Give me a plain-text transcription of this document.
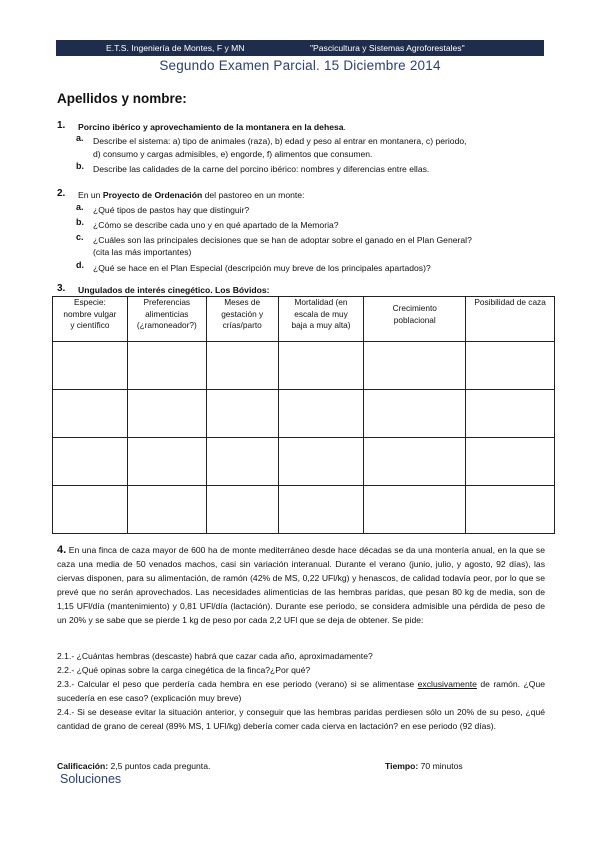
E.T.S. Ingeniería de Montes, F y MN	"Pascicultura y Sistemas Agroforestales"
Segundo Examen Parcial. 15 Diciembre 2014
Apellidos y nombre:
1. Porcino ibérico y aprovechamiento de la montanera en la dehesa.
a. Describe el sistema: a) tipo de animales (raza), b) edad y peso al entrar en montanera, c) periodo,
d) consumo y cargas admisibles, e) engorde, f) alimentos que consumen.
b. Describe las calidades de la carne del porcino ibérico: nombres y diferencias entre ellas.
2. En un Proyecto de Ordenación del pastoreo en un monte:
a. ¿Qué tipos de pastos hay que distinguir?
b. ¿Cómo se describe cada uno y en qué apartado de la Memoria?
c. ¿Cuáles son las principales decisiones que se han de adoptar sobre el ganado en el Plan General?
(cita las más importantes)
d. ¿Qué se hace en el Plan Especial (descripción muy breve de los principales apartados)?
3. Ungulados de interés cinegético. Los Bóvidos:
Especie:
nombre vulgar
y científico	Preferencias
alimenticias
(¿ramoneador?)	Meses de
gestación y
crías/parto	Mortalidad (en
escala de muy
baja a muy alta)	Crecimiento
poblacional	Posibilidad de caza

4. En una finca de caza mayor de 600 ha de monte mediterráneo desde hace décadas se da una montería anual, en la que se caza una media de 50 venados machos, casi sin variación interanual. Durante el verano (junio, julio, y agosto, 92 días), las ciervas disponen, para su alimentación, de ramón (42% de MS, 0,22 UFl/kg) y henascos, de calidad todavía peor, por lo que se prevé que no serán aprovechados. Las necesidades alimenticias de las hembras paridas, que pesan 80 kg de media, son de 1,15 UFl/día (mantenimiento) y 0,81 UFl/día (lactación). Durante ese periodo, se considera admisible una pérdida de peso de un 20% y se sabe que se pierde 1 kg de peso por cada 2,2 UFl que se deja de obtener. Se pide:
2.1.- ¿Cuántas hembras (descaste) habrá que cazar cada año, aproximadamente?
2.2.- ¿Qué opinas sobre la carga cinegética de la finca?¿Por qué?
2.3.- Calcular el peso que perdería cada hembra en ese periodo (verano) si se alimentase exclusivamente de ramón. ¿Que sucedería en ese caso? (explicación muy breve)
2.4.- Si se desease evitar la situación anterior, y conseguir que las hembras paridas perdiesen sólo un 20% de su peso, ¿qué cantidad de grano de cereal (89% MS, 1 UFl/kg) debería comer cada cierva en lactación? en ese periodo (92 días).
Calificación: 2,5 puntos cada pregunta.	Tiempo: 70 minutos
Soluciones
